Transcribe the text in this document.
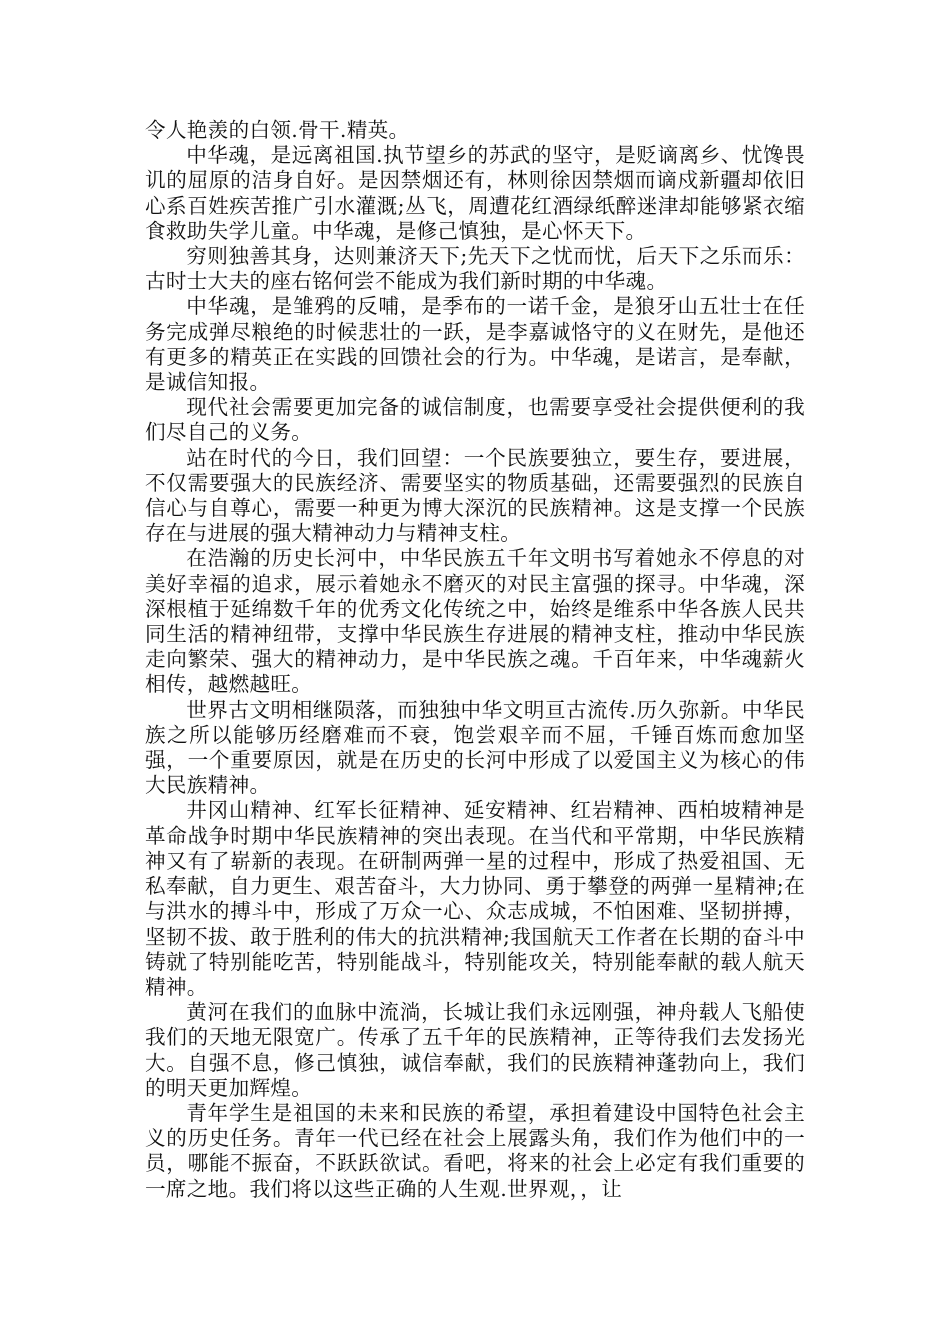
令人艳羡的白领.骨干.精英。

中华魂，是远离祖国.执节望乡的苏武的坚守，是贬谪离乡、忧馋畏讥的屈原的洁身自好。是因禁烟还有，林则徐因禁烟而谪戍新疆却依旧心系百姓疾苦推广引水灌溉;丛飞，周遭花红酒绿纸醉迷津却能够紧衣缩食救助失学儿童。中华魂，是修己慎独，是心怀天下。

穷则独善其身，达则兼济天下;先天下之忧而忧，后天下之乐而乐：古时士大夫的座右铭何尝不能成为我们新时期的中华魂。

中华魂，是雏鸦的反哺，是季布的一诺千金，是狼牙山五壮士在任务完成弹尽粮绝的时候悲壮的一跃，是李嘉诚恪守的义在财先，是他还有更多的精英正在实践的回馈社会的行为。中华魂，是诺言，是奉献，是诚信知报。

现代社会需要更加完备的诚信制度，也需要享受社会提供便利的我们尽自己的义务。

站在时代的今日，我们回望：一个民族要独立，要生存，要进展，不仅需要强大的民族经济、需要坚实的物质基础，还需要强烈的民族自信心与自尊心，需要一种更为博大深沉的民族精神。这是支撑一个民族存在与进展的强大精神动力与精神支柱。

在浩瀚的历史长河中，中华民族五千年文明书写着她永不停息的对美好幸福的追求，展示着她永不磨灭的对民主富强的探寻。中华魂，深深根植于延绵数千年的优秀文化传统之中，始终是维系中华各族人民共同生活的精神纽带，支撑中华民族生存进展的精神支柱，推动中华民族走向繁荣、强大的精神动力，是中华民族之魂。千百年来，中华魂薪火相传，越燃越旺。

世界古文明相继陨落，而独独中华文明亘古流传.历久弥新。中华民族之所以能够历经磨难而不衰，饱尝艰辛而不屈，千锤百炼而愈加坚强，一个重要原因，就是在历史的长河中形成了以爱国主义为核心的伟大民族精神。

井冈山精神、红军长征精神、延安精神、红岩精神、西柏坡精神是革命战争时期中华民族精神的突出表现。在当代和平常期，中华民族精神又有了崭新的表现。在研制两弹一星的过程中，形成了热爱祖国、无私奉献，自力更生、艰苦奋斗，大力协同、勇于攀登的两弹一星精神;在与洪水的搏斗中，形成了万众一心、众志成城，不怕困难、坚韧拼搏，坚韧不拔、敢于胜利的伟大的抗洪精神;我国航天工作者在长期的奋斗中铸就了特别能吃苦，特别能战斗，特别能攻关，特别能奉献的载人航天精神。

黄河在我们的血脉中流淌，长城让我们永远刚强，神舟载人飞船使我们的天地无限宽广。传承了五千年的民族精神，正等待我们去发扬光大。自强不息，修己慎独，诚信奉献，我们的民族精神蓬勃向上，我们的明天更加辉煌。

青年学生是祖国的未来和民族的希望，承担着建设中国特色社会主义的历史任务。青年一代已经在社会上展露头角，我们作为他们中的一员，哪能不振奋，不跃跃欲试。看吧，将来的社会上必定有我们重要的一席之地。我们将以这些正确的人生观.世界观，，让
